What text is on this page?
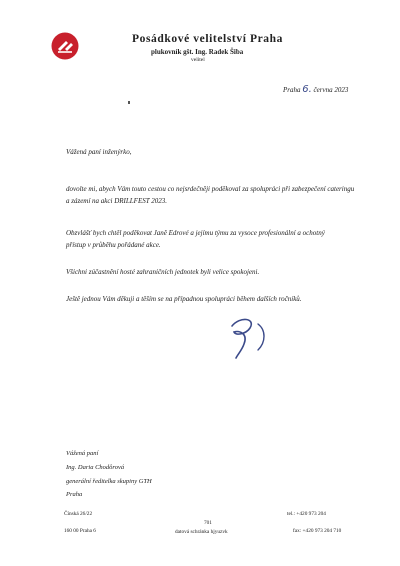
Posádkové velitelství Praha
plukovník gšt. Ing. Radek Šiba
velitel
Praha 6. června 2023
Vážená paní inženýrko,
dovolte mi, abych Vám touto cestou co nejsrdečněji poděkoval za spolupráci při zabezpečení cateringu a zázemí na akci DRILLFEST 2023.
Obzvlášť bych chtěl poděkovat Janě Edrové a jejímu týmu za vysoce profesionální a ochotný přístup v průběhu pořádané akce.
Všichni zúčastnění hosté zahraničních jednotek byli velice spokojeni.
Ještě jednou Vám děkuji a těším se na případnou spolupráci během dalších ročníků.
Vážená paní
Ing. Daria Chodôrová
generální ředitelka skupiny GTH
Praha
Čínská 26/22
160 00 Praha 6
701
datová schránka hjyuzvk
tel.: +420 973 204
fax: +420 973 204 710
